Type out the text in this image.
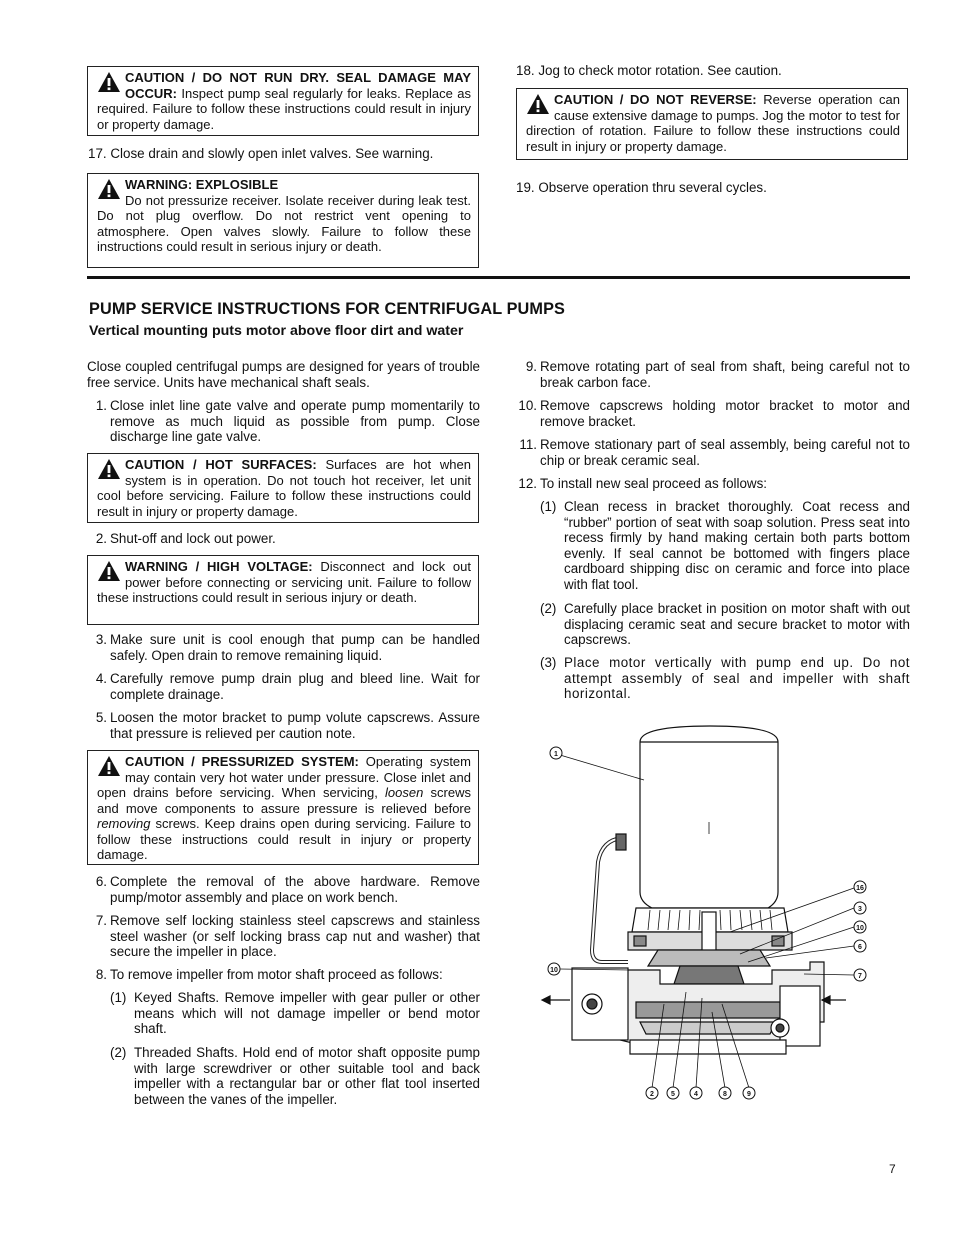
CAUTION / DO NOT RUN DRY. SEAL DAMAGE MAY OCCUR: Inspect pump seal regularly for leaks. Replace as required. Failure to follow these instructions could result in injury or property damage.
17. Close drain and slowly open inlet valves. See warning.
WARNING: EXPLOSIBLE
Do not pressurize receiver. Isolate receiver during leak test. Do not plug overflow. Do not restrict vent opening to atmosphere. Open valves slowly. Failure to follow these instructions could result in serious injury or death.
18. Jog to check motor rotation. See caution.
CAUTION / DO NOT REVERSE: Reverse operation can cause extensive damage to pumps. Jog the motor to test for direction of rotation. Failure to follow these instructions could result in injury or property damage.
19. Observe operation thru several cycles.
PUMP SERVICE INSTRUCTIONS FOR CENTRIFUGAL PUMPS
Vertical mounting puts motor above floor dirt and water
Close coupled centrifugal pumps are designed for years of trouble free service. Units have mechanical shaft seals.
1. Close inlet line gate valve and operate pump momentarily to remove as much liquid as possible from pump. Close discharge line gate valve.
CAUTION / HOT SURFACES: Surfaces are hot when system is in operation. Do not touch hot receiver, let unit cool before servicing. Failure to follow these instructions could result in injury or property damage.
2. Shut-off and lock out power.
WARNING / HIGH VOLTAGE: Disconnect and lock out power before connecting or servicing unit. Failure to follow these instructions could result in serious injury or death.
3. Make sure unit is cool enough that pump can be handled safely. Open drain to remove remaining liquid.
4. Carefully remove pump drain plug and bleed line. Wait for complete drainage.
5. Loosen the motor bracket to pump volute capscrews. Assure that pressure is relieved per caution note.
CAUTION / PRESSURIZED SYSTEM: Operating system may contain very hot water under pressure. Close inlet and open drains before servicing. When servicing, loosen screws and move components to assure pressure is relieved before removing screws. Keep drains open during servicing. Failure to follow these instructions could result in injury or property damage.
6. Complete the removal of the above hardware. Remove pump/motor assembly and place on work bench.
7. Remove self locking stainless steel capscrews and stainless steel washer (or self locking brass cap nut and washer) that secure the impeller in place.
8. To remove impeller from motor shaft proceed as follows:
(1) Keyed Shafts. Remove impeller with gear puller or other means which will not damage impeller or bend motor shaft.
(2) Threaded Shafts. Hold end of motor shaft opposite pump with large screwdriver or other suitable tool and back impeller with a rectangular bar or other flat tool inserted between the vanes of the impeller.
9. Remove rotating part of seal from shaft, being careful not to break carbon face.
10. Remove capscrews holding motor bracket to motor and remove bracket.
11. Remove stationary part of seal assembly, being careful not to chip or break ceramic seal.
12. To install new seal proceed as follows:
(1) Clean recess in bracket thoroughly. Coat recess and “rubber” portion of seat with soap solution. Press seat into recess firmly by hand making certain both parts bottom evenly. If seal cannot be bottomed with fingers place cardboard shipping disc on ceramic and force into place with flat tool.
(2) Carefully place bracket in position on motor shaft with out displacing ceramic seat and secure bracket to motor with capscrews.
(3) Place motor vertically with pump end up. Do not attempt assembly of seal and impeller with shaft horizontal.
1
16
3
10
6
7
10
2 5	4	8	9
7
